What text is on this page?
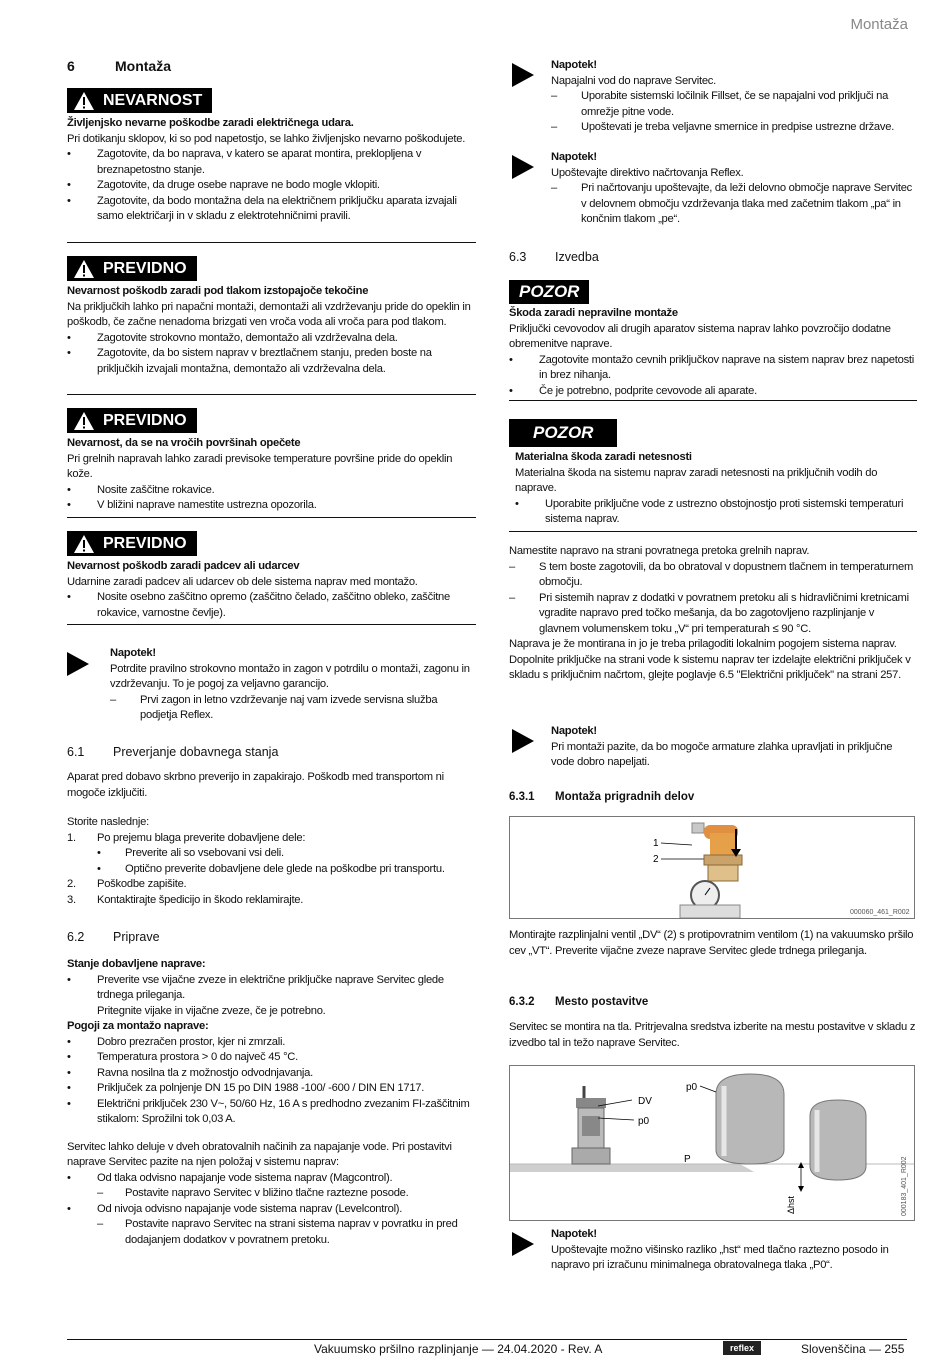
Montaža
6	Montaža
NEVARNOST
Življenjsko nevarne poškodbe zaradi električnega udara.
Pri dotikanju sklopov, ki so pod napetostjo, se lahko življenjsko nevarno poškodujete.
• Zagotovite, da bo naprava, v katero se aparat montira, preklopljena v breznapetostno stanje.
• Zagotovite, da druge osebe naprave ne bodo mogle vklopiti.
• Zagotovite, da bodo montažna dela na električnem priključku aparata izvajali samo električarji in v skladu z elektrotehničnimi pravili.
PREVIDNO
Nevarnost poškodb zaradi pod tlakom izstopajoče tekočine
Na priključkih lahko pri napačni montaži, demontaži ali vzdrževanju pride do opeklin in poškodb, če začne nenadoma brizgati ven vroča voda ali vroča para pod tlakom.
• Zagotovite strokovno montažo, demontažo ali vzdrževalna dela.
• Zagotovite, da bo sistem naprav v breztlačnem stanju, preden boste na priključkih izvajali montažna, demontažo ali vzdrževalna dela.
PREVIDNO
Nevarnost, da se na vročih površinah opečete
Pri grelnih napravah lahko zaradi previsoke temperature površine pride do opeklin kože.
• Nosite zaščitne rokavice.
• V bližini naprave namestite ustrezna opozorila.
PREVIDNO
Nevarnost poškodb zaradi padcev ali udarcev
Udarnine zaradi padcev ali udarcev ob dele sistema naprav med montažo.
• Nosite osebno zaščitno opremo (zaščitno čelado, zaščitno obleko, zaščitne rokavice, varnostne čevlje).
Napotek!
Potrdite pravilno strokovno montažo in zagon v potrdilu o montaži, zagonu in vzdrževanju. To je pogoj za veljavno garancijo.
– Prvi zagon in letno vzdrževanje naj vam izvede servisna služba podjetja Reflex.
6.1 Preverjanje dobavnega stanja
Aparat pred dobavo skrbno preverijo in zapakirajo. Poškodb med transportom ni mogoče izključiti.
Storite naslednje:
1. Po prejemu blaga preverite dobavljene dele:
• Preverite ali so vsebovani vsi deli.
• Optično preverite dobavljene dele glede na poškodbe pri transportu.
2. Poškodbe zapišite.
3. Kontaktirajte špedicijo in škodo reklamirajte.
6.2 Priprave
Stanje dobavljene naprave:
• Preverite vse vijačne zveze in električne priključke naprave Servitec glede trdnega prileganja.
Pritegnite vijake in vijačne zveze, če je potrebno.
Pogoji za montažo naprave:
• Dobro prezračen prostor, kjer ni zmrzali.
• Temperatura prostora > 0 do največ 45 °C.
• Ravna nosilna tla z možnostjo odvodnjavanja.
• Priključek za polnjenje DN 15 po DIN 1988 -100/ -600 / DIN EN 1717.
• Električni priključek 230 V~, 50/60 Hz, 16 A s predhodno zvezanim FI-zaščitnim stikalom: Sprožilni tok 0,03 A.
Servitec lahko deluje v dveh obratovalnih načinih za napajanje vode. Pri postavitvi naprave Servitec pazite na njen položaj v sistemu naprav:
• Od tlaka odvisno napajanje vode sistema naprav (Magcontrol).
– Postavite napravo Servitec v bližino tlačne raztezne posode.
• Od nivoja odvisno napajanje vode sistema naprav (Levelcontrol).
– Postavite napravo Servitec na strani sistema naprav v povratku in pred dodajanjem dodatkov v povratnem pretoku.
Napotek!
Napajalni vod do naprave Servitec.
– Uporabite sistemski ločilnik Fillset, če se napajalni vod priključi na omrežje pitne vode.
– Upoštevati je treba veljavne smernice in predpise ustrezne države.
Napotek!
Upoštevajte direktivo načrtovanja Reflex.
– Pri načrtovanju upoštevajte, da leži delovno območje naprave Servitec v delovnem območju vzdrževanja tlaka med začetnim tlakom „pa“ in končnim tlakom „pe“.
6.3 Izvedba
POZOR
Škoda zaradi nepravilne montaže
Priključki cevovodov ali drugih aparatov sistema naprav lahko povzročijo dodatne obremenitve naprave.
• Zagotovite montažo cevnih priključkov naprave na sistem naprav brez napetosti in brez nihanja.
• Če je potrebno, podprite cevovode ali aparate.
POZOR
Materialna škoda zaradi netesnosti
Materialna škoda na sistemu naprav zaradi netesnosti na priključnih vodih do naprave.
• Uporabite priključne vode z ustrezno obstojnostjo proti sistemski temperaturi sistema naprav.
Namestite napravo na strani povratnega pretoka grelnih naprav.
– S tem boste zagotovili, da bo obratoval v dopustnem tlačnem in temperaturnem območju.
– Pri sistemih naprav z dodatki v povratnem pretoku ali s hidravličnimi kretnicami vgradite napravo pred točko mešanja, da bo zagotovljeno razplinjanje v glavnem volumenskem toku „V“ pri temperaturah ≤ 90 °C.
Naprava je že montirana in jo je treba prilagoditi lokalnim pogojem sistema naprav. Dopolnite priključke na strani vode k sistemu naprav ter izdelajte električni priključek v skladu s priključnim načrtom, glejte poglavje 6.5 "Električni priključek" na strani 257.
Napotek!
Pri montaži pazite, da bo mogoče armature zlahka upravljati in priključne vode dobro napeljati.
6.3.1 Montaža prigradnih delov
1
2
000060_461_R002
Montirajte razplinjalni ventil „DV“ (2) s protipovratnim ventilom (1) na vakuumsko pršilo cev „VT“. Preverite vijačne zveze naprave Servitec glede trdnega prileganja.
6.3.2 Mesto postavitve
Servitec se montira na tla. Pritrjevalna sredstva izberite na mestu postavitve v skladu z izvedbo tal in težo naprave Servitec.
DV
p0
p0
P
Δhst	000183_401_R002
Napotek!
Upoštevajte možno višinsko razliko „hst“ med tlačno raztezno posodo in napravo pri izračunu minimalnega obratovalnega tlaka „P0“.
Vakuumsko pršilno razplinjanje — 24.04.2020 - Rev. A	reflex	Slovenščina — 255
